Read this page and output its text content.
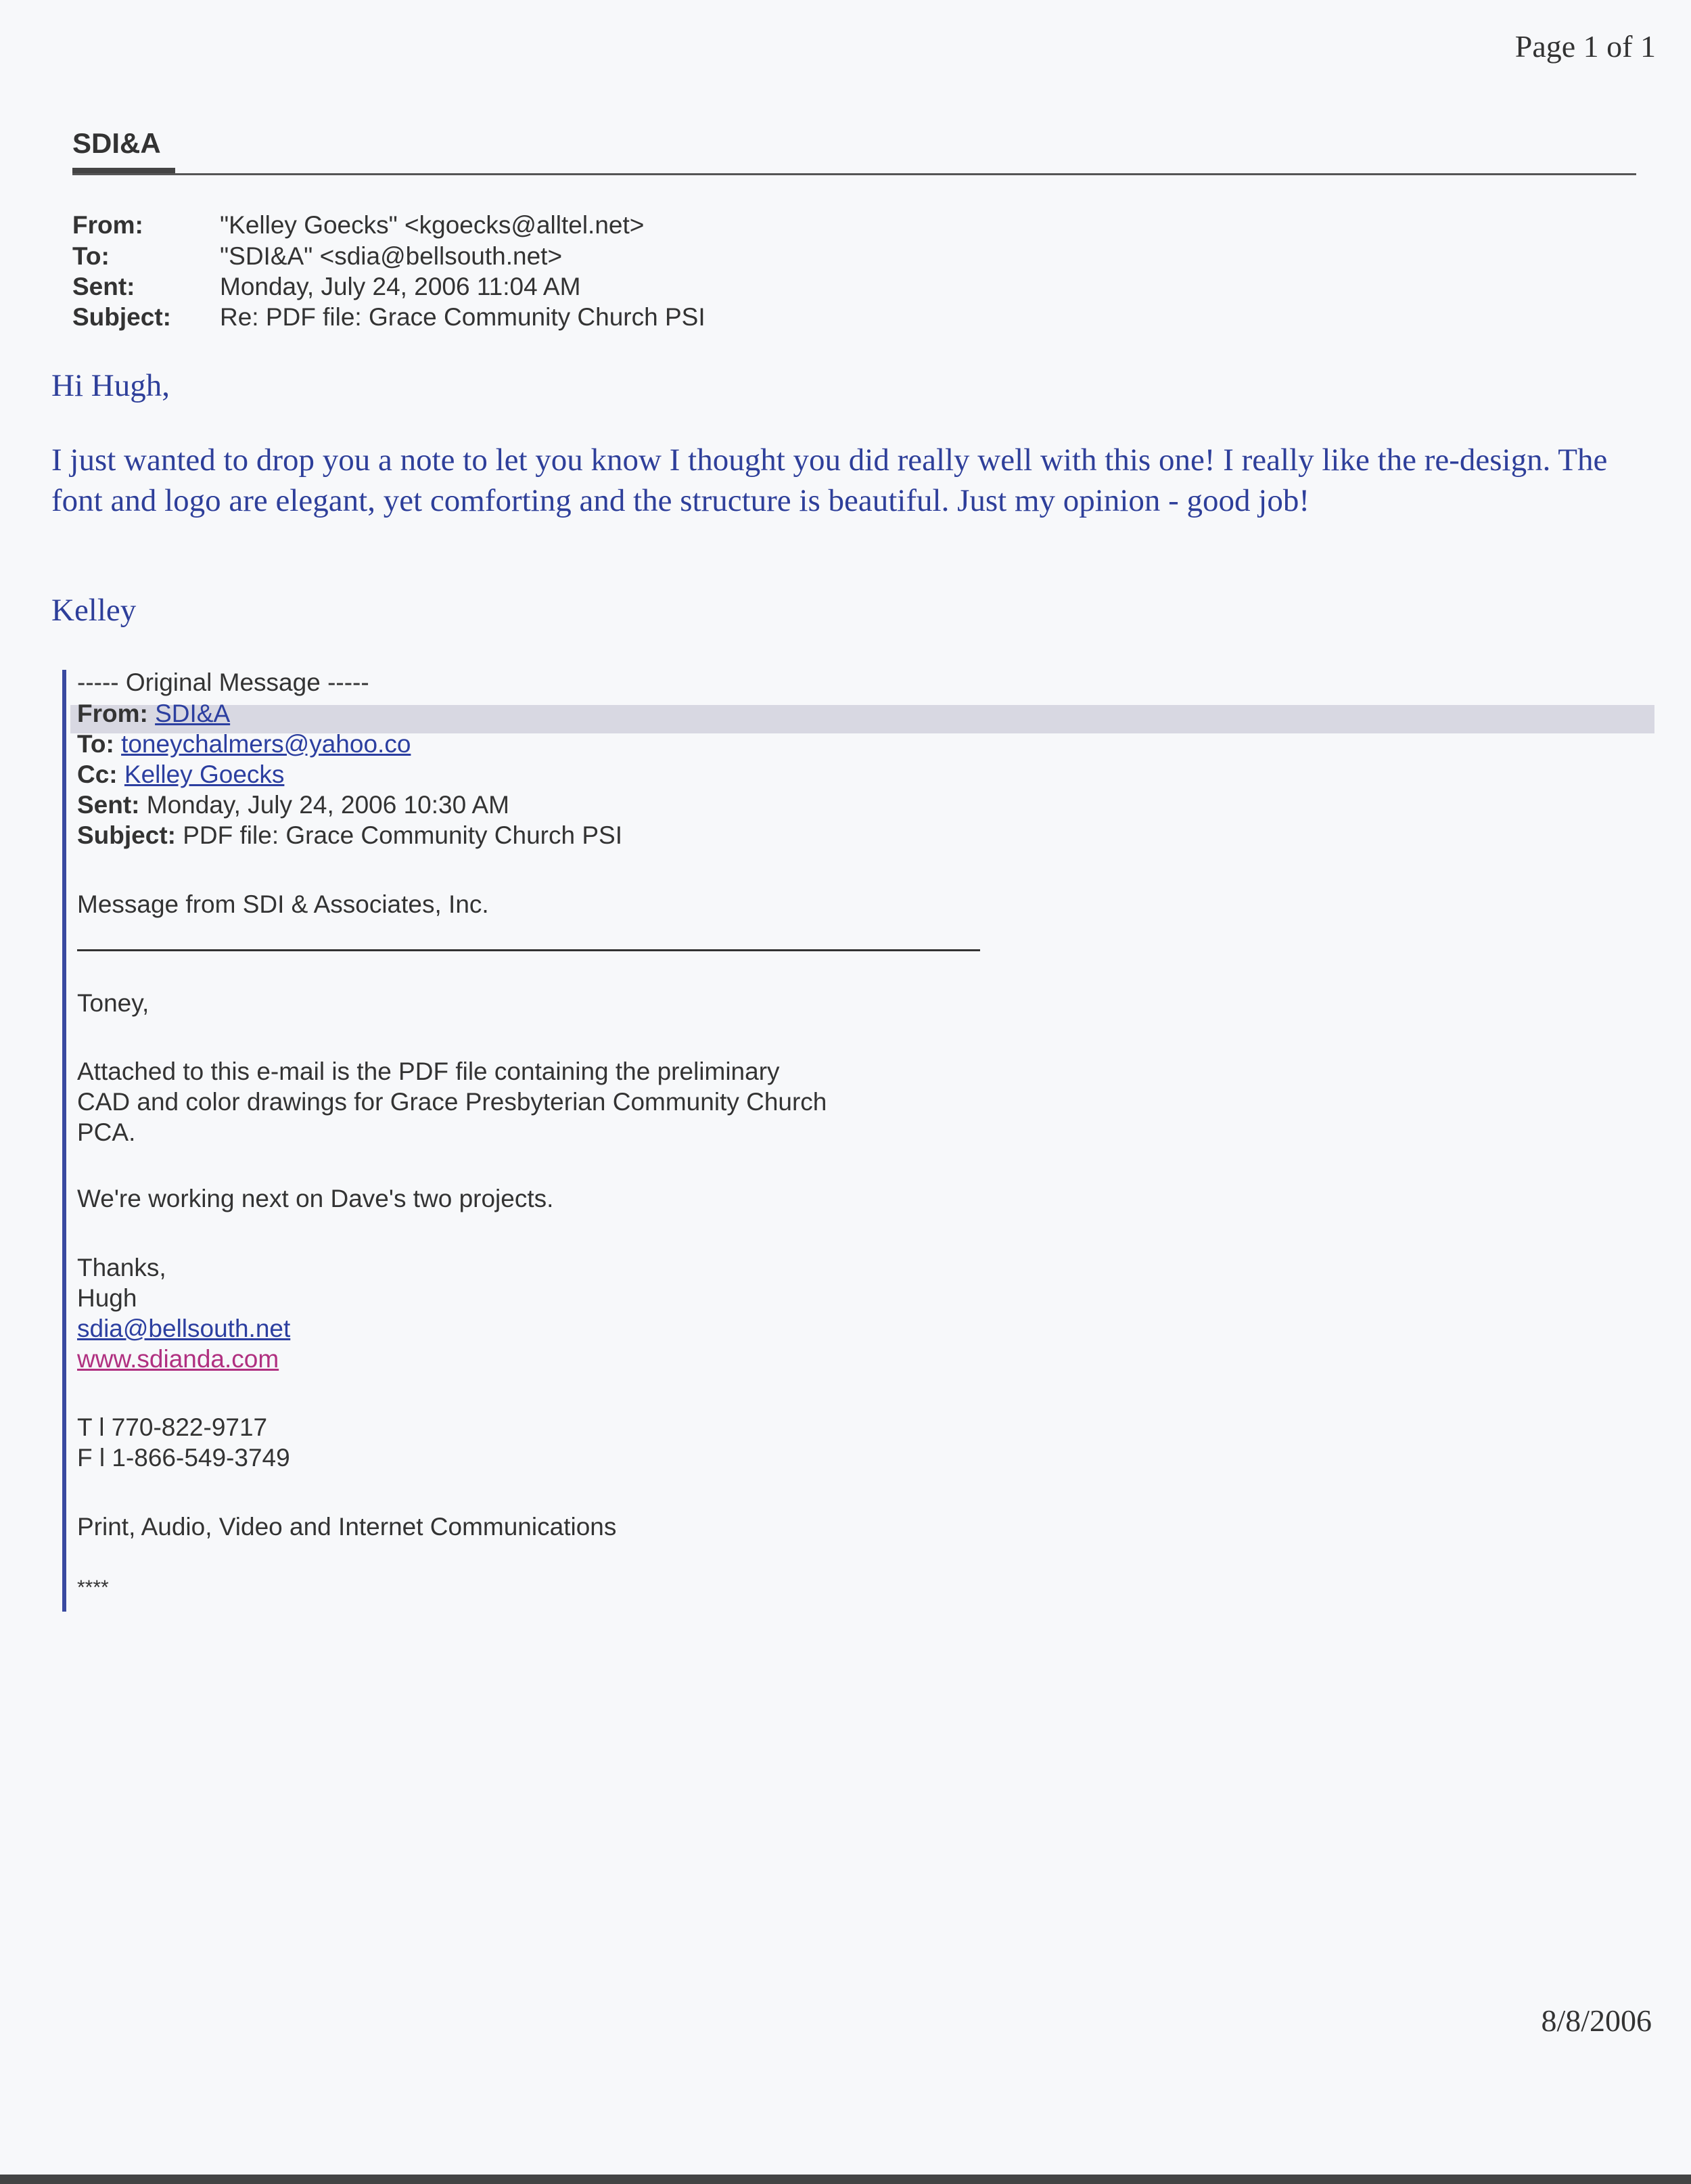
Page 1 of 1
SDI&A
From:	"Kelley Goecks" <kgoecks@alltel.net>
To:	"SDI&A" <sdia@bellsouth.net>
Sent:	Monday, July 24, 2006 11:04 AM
Subject: Re: PDF file: Grace Community Church PSI
Hi Hugh,
I just wanted to drop you a note to let you know I thought you did really well with this one! I really like the re-design. The font and logo are elegant, yet comforting and the structure is beautiful. Just my opinion - good job!
Kelley
----- Original Message -----
From: SDI&A
To: toneychalmers@yahoo.co
Cc: Kelley Goecks
Sent: Monday, July 24, 2006 10:30 AM
Subject: PDF file: Grace Community Church PSI
Message from SDI & Associates, Inc.
Toney,
Attached to this e-mail is the PDF file containing the preliminary
CAD and color drawings for Grace Presbyterian Community Church
PCA.
We're working next on Dave's two projects.
Thanks,
Hugh
sdia@bellsouth.net
www.sdianda.com
T l 770-822-9717
F l 1-866-549-3749
Print, Audio, Video and Internet Communications
****
8/8/2006
